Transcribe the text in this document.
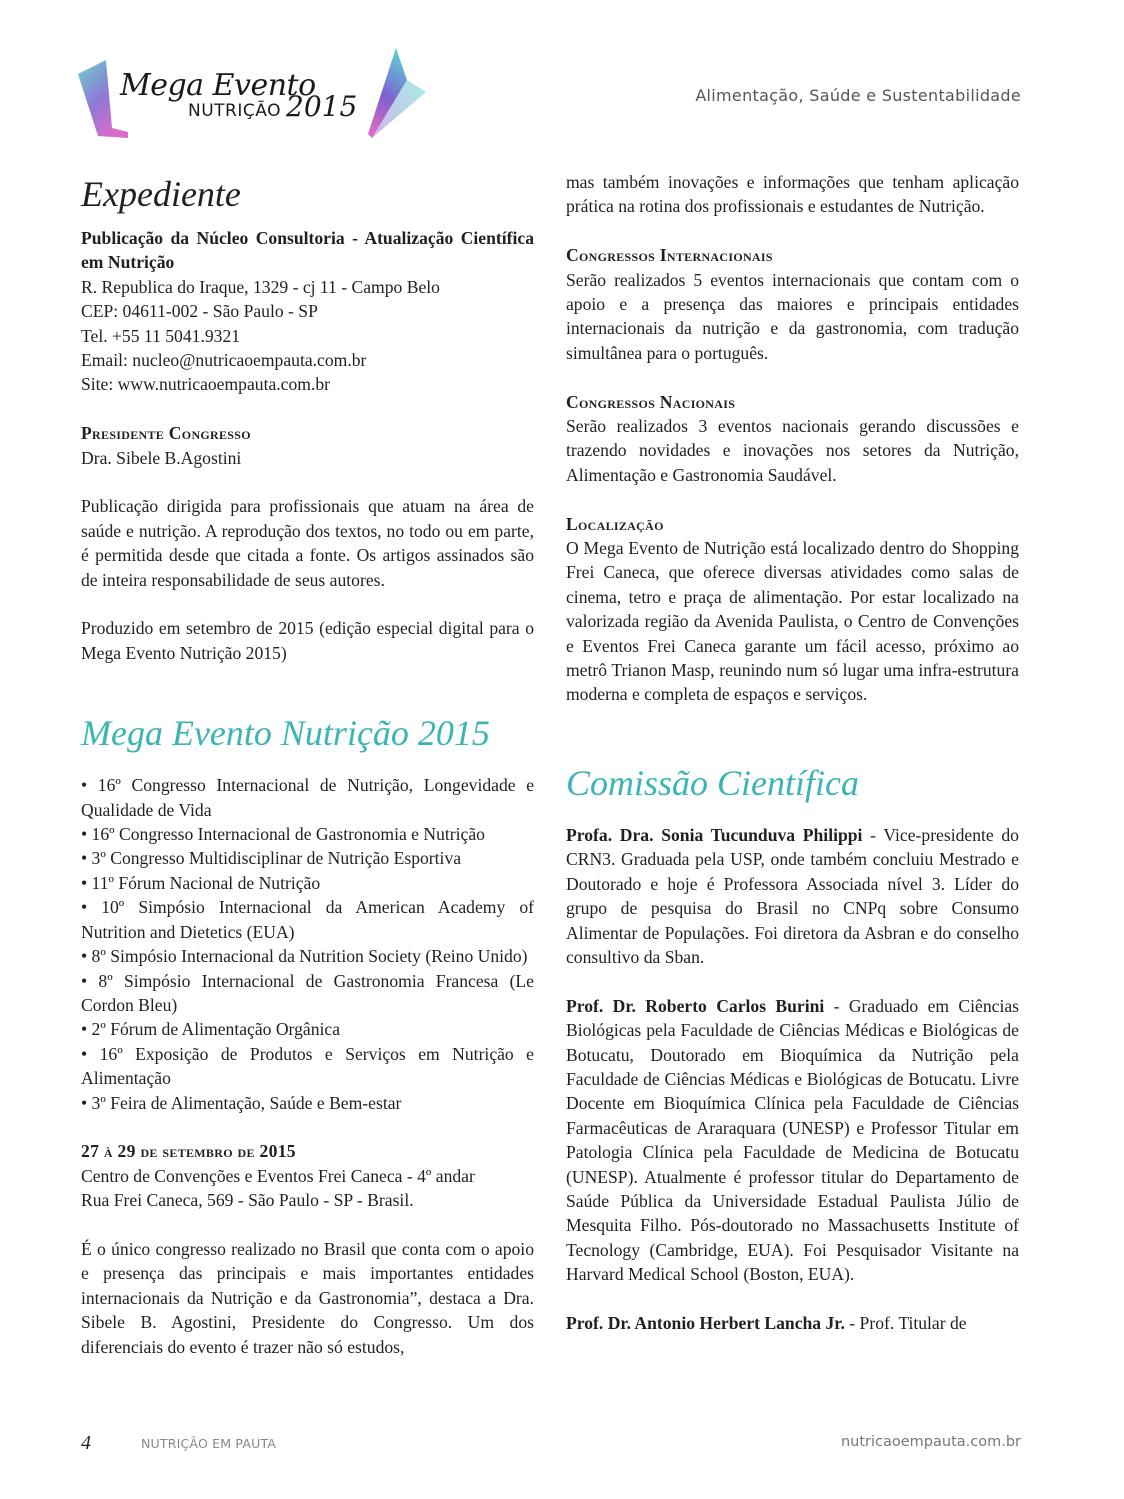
Mega Evento
NUTRIÇÃO 2015	Alimentação, Saúde e Sustentabilidade
Expediente

Publicação da Núcleo Consultoria - Atualização Científica em Nutrição

R. Republica do Iraque, 1329 - cj 11 - Campo Belo

CEP: 04611-002 - São Paulo - SP

Tel. +55 11 5041.9321

Email: nucleo@nutricaoempauta.com.br

Site: www.nutricaoempauta.com.br

Presidente Congresso

Dra. Sibele B.Agostini

Publicação dirigida para profissionais que atuam na área de saúde e nutrição. A reprodução dos textos, no todo ou em parte, é permitida desde que citada a fonte. Os artigos assinados são de inteira responsabilidade de seus autores.

Produzido em setembro de 2015 (edição especial digital para o Mega Evento Nutrição 2015)

Mega Evento Nutrição 2015
• 16º Congresso Internacional de Nutrição, Longevidade e Qualidade de Vida
• 16º Congresso Internacional de Gastronomia e Nutrição
• 3º Congresso Multidisciplinar de Nutrição Esportiva
• 11º Fórum Nacional de Nutrição
• 10º Simpósio Internacional da American Academy of Nutrition and Dietetics (EUA)
• 8º Simpósio Internacional da Nutrition Society (Reino Unido)
• 8º Simpósio Internacional de Gastronomia Francesa (Le Cordon Bleu)
• 2º Fórum de Alimentação Orgânica
• 16º Exposição de Produtos e Serviços em Nutrição e Alimentação
• 3º Feira de Alimentação, Saúde e Bem-estar

27 à 29 de setembro de 2015

Centro de Convenções e Eventos Frei Caneca - 4º andar

Rua Frei Caneca, 569 - São Paulo - SP - Brasil.

É o único congresso realizado no Brasil que conta com o apoio e presença das principais e mais importantes entidades internacionais da Nutrição e da Gastronomia”, destaca a Dra. Sibele B. Agostini, Presidente do Congresso. Um dos diferenciais do evento é trazer não só estudos,

mas também inovações e informações que tenham aplicação prática na rotina dos profissionais e estudantes de Nutrição.

Congressos Internacionais

Serão realizados 5 eventos internacionais que contam com o apoio e a presença das maiores e principais entidades internacionais da nutrição e da gastronomia, com tradução simultânea para o português.

Congressos Nacionais

Serão realizados 3 eventos nacionais gerando discussões e trazendo novidades e inovações nos setores da Nutrição, Alimentação e Gastronomia Saudável.

Localização

O Mega Evento de Nutrição está localizado dentro do Shopping Frei Caneca, que oferece diversas atividades como salas de cinema, tetro e praça de alimentação. Por estar localizado na valorizada região da Avenida Paulista, o Centro de Convenções e Eventos Frei Caneca garante um fácil acesso, próximo ao metrô Trianon Masp, reunindo num só lugar uma infra-estrutura moderna e completa de espaços e serviços.

Comissão Científica

Profa. Dra. Sonia Tucunduva Philippi - Vice-presidente do CRN3. Graduada pela USP, onde também concluiu Mestrado e Doutorado e hoje é Professora Associada nível 3. Líder do grupo de pesquisa do Brasil no CNPq sobre Consumo Alimentar de Populações. Foi diretora da Asbran e do conselho consultivo da Sban.

Prof. Dr. Roberto Carlos Burini - Graduado em Ciências Biológicas pela Faculdade de Ciências Médicas e Biológicas de Botucatu, Doutorado em Bioquímica da Nutrição pela Faculdade de Ciências Médicas e Biológicas de Botucatu. Livre Docente em Bioquímica Clínica pela Faculdade de Ciências Farmacêuticas de Araraquara (UNESP) e Professor Titular em Patologia Clínica pela Faculdade de Medicina de Botucatu (UNESP). Atualmente é professor titular do Departamento de Saúde Pública da Universidade Estadual Paulista Júlio de Mesquita Filho. Pós-doutorado no Massachusetts Institute of Tecnology (Cambridge, EUA). Foi Pesquisador Visitante na Harvard Medical School (Boston, EUA).

Prof. Dr. Antonio Herbert Lancha Jr. - Prof. Titular de

4	NUTRIÇÃO EM PAUTA	nutricaoempauta.com.br
